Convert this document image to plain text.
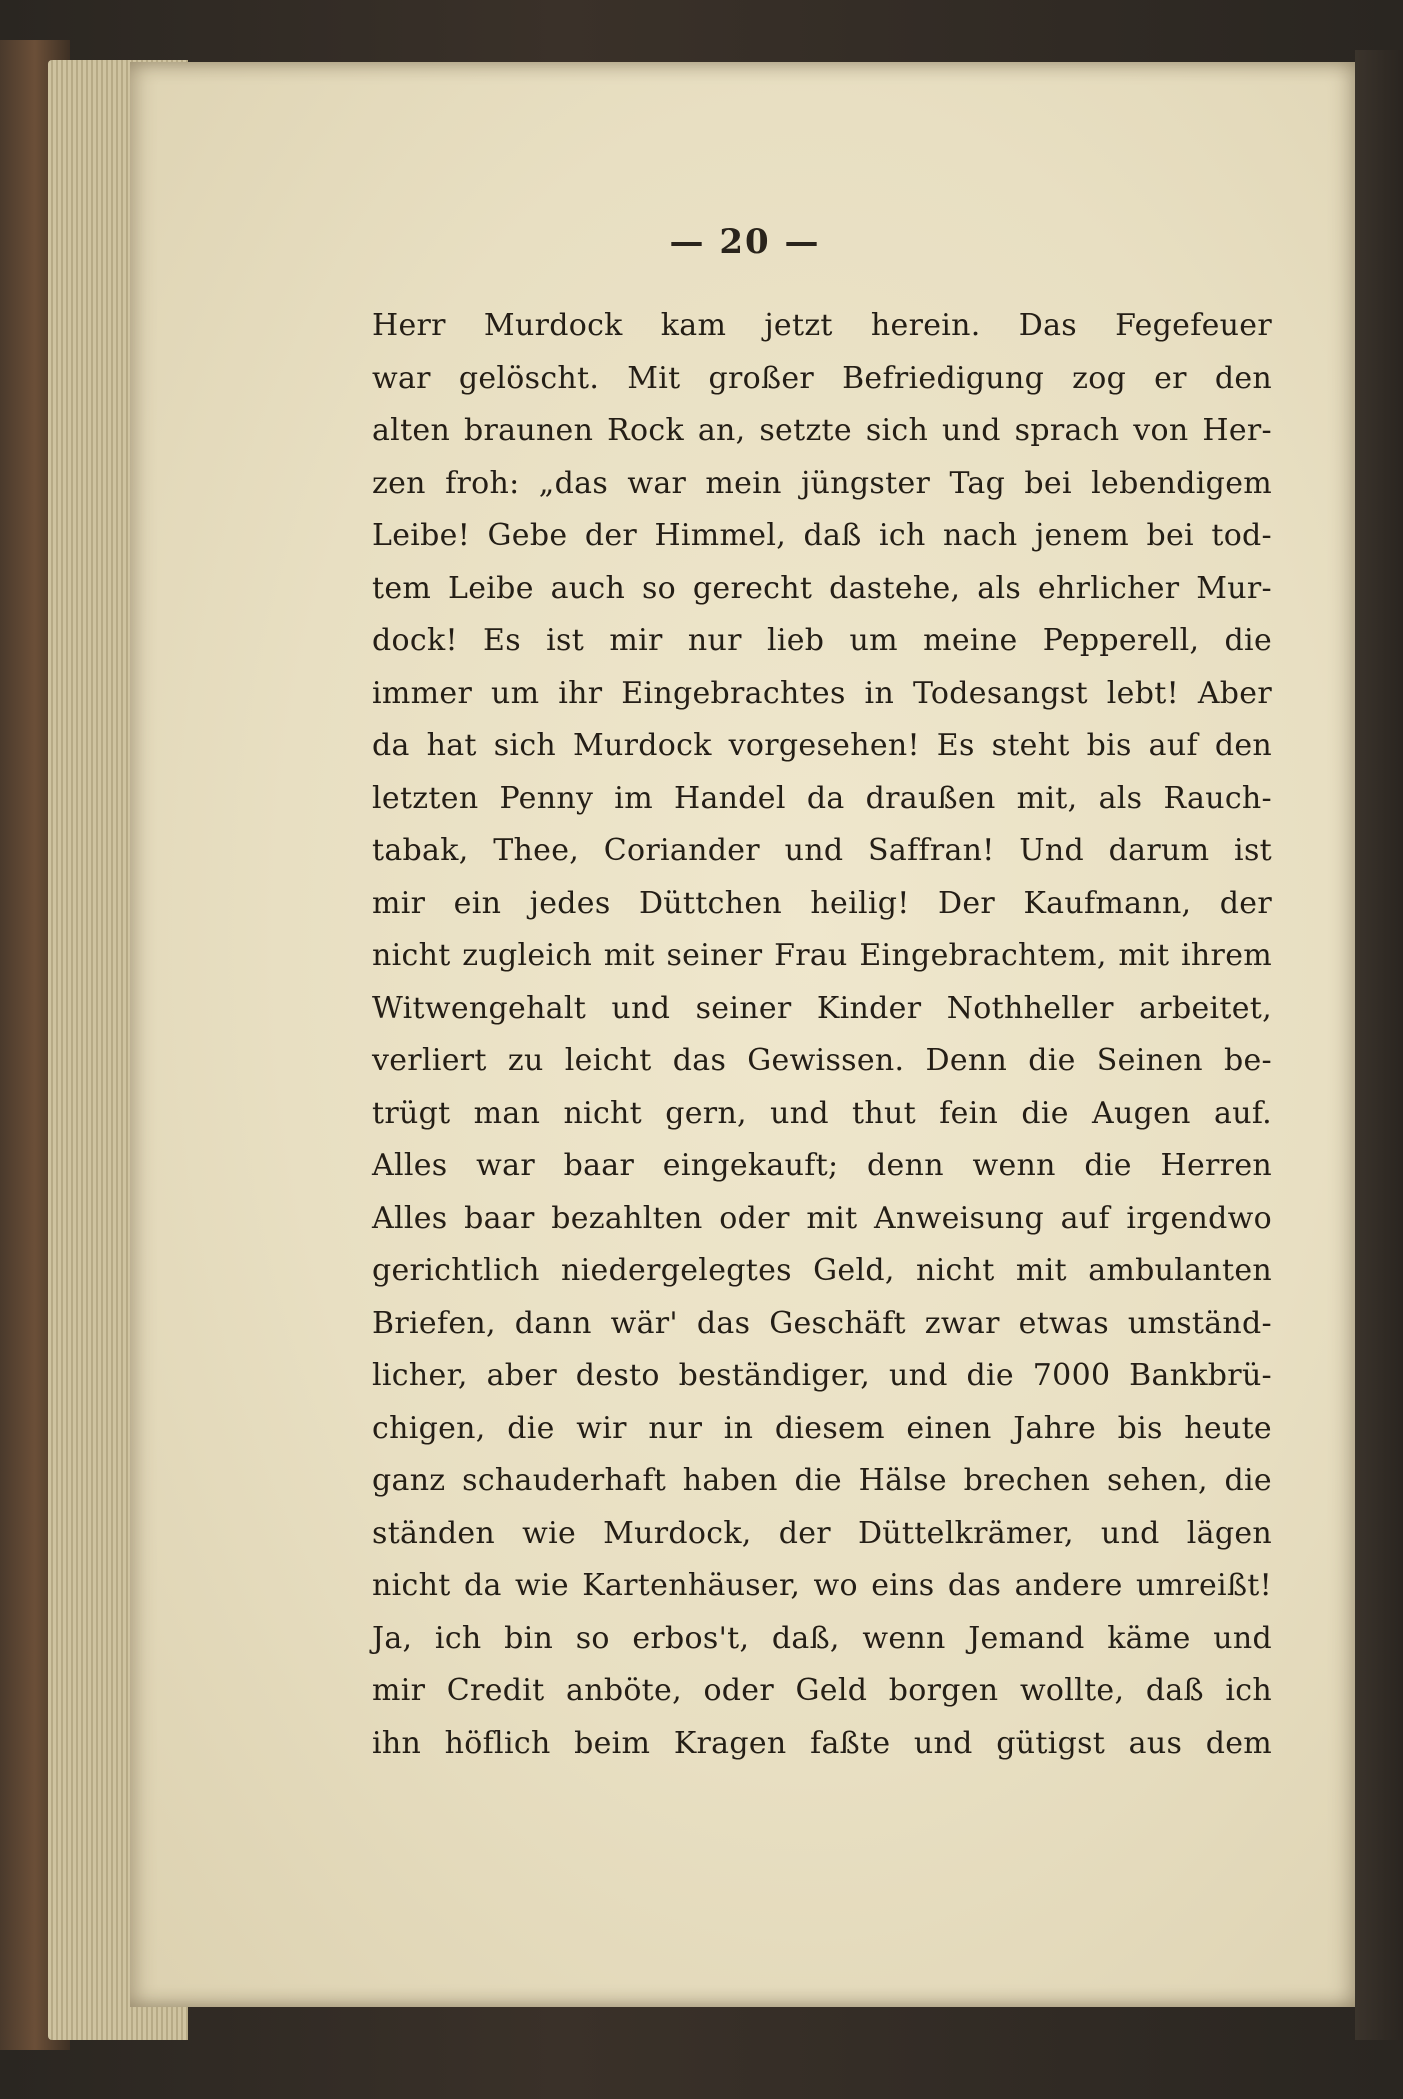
— 20 —
Herr Murdock kam jetzt herein. Das Fegefeuer
war gelöscht. Mit großer Befriedigung zog er den
alten braunen Rock an, setzte sich und sprach von Her-
zen froh: „das war mein jüngster Tag bei lebendigem
Leibe! Gebe der Himmel, daß ich nach jenem bei tod-
tem Leibe auch so gerecht dastehe, als ehrlicher Mur-
dock! Es ist mir nur lieb um meine Pepperell, die
immer um ihr Eingebrachtes in Todesangst lebt! Aber
da hat sich Murdock vorgesehen! Es steht bis auf den
letzten Penny im Handel da draußen mit, als Rauch-
tabak, Thee, Coriander und Saffran! Und darum ist
mir ein jedes Düttchen heilig! Der Kaufmann, der
nicht zugleich mit seiner Frau Eingebrachtem, mit ihrem
Witwengehalt und seiner Kinder Nothheller arbeitet,
verliert zu leicht das Gewissen. Denn die Seinen be-
trügt man nicht gern, und thut fein die Augen auf.
Alles war baar eingekauft; denn wenn die Herren
Alles baar bezahlten oder mit Anweisung auf irgendwo
gerichtlich niedergelegtes Geld, nicht mit ambulanten
Briefen, dann wär' das Geschäft zwar etwas umständ-
licher, aber desto beständiger, und die 7000 Bankbrü-
chigen, die wir nur in diesem einen Jahre bis heute
ganz schauderhaft haben die Hälse brechen sehen, die
ständen wie Murdock, der Düttelkrämer, und lägen
nicht da wie Kartenhäuser, wo eins das andere umreißt!
Ja, ich bin so erbos't, daß, wenn Jemand käme und
mir Credit anböte, oder Geld borgen wollte, daß ich
ihn höflich beim Kragen faßte und gütigst aus dem
